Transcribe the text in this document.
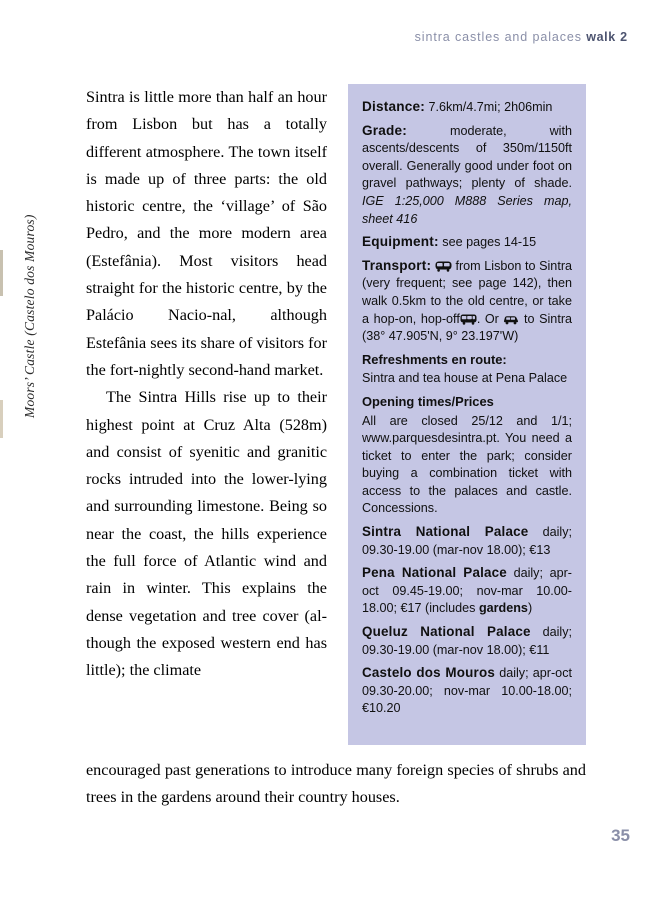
sintra castles and palaces walk 2
Moors’ Castle (Castelo dos Mouros)

Sintra is little more than half an hour from Lisbon but has a totally different atmosphere. The town itself is made up of three parts: the old historic centre, the ‘village’ of São Pedro, and the more modern area (Estefânia). Most visitors head straight for the historic centre, by the Palácio Nacio-nal, although Estefânia sees its share of visitors for the fort-nightly second-hand market.

The Sintra Hills rise up to their highest point at Cruz Alta (528m) and consist of syenitic and granitic rocks intruded into the lower-lying and surrounding limestone. Being so near the coast, the hills experience the full force of Atlantic wind and rain in winter. This explains the dense vegetation and tree cover (al-though the exposed western end has little); the climate

encouraged past generations to introduce many foreign species of shrubs and trees in the gardens around their country houses.

Distance: 7.6km/4.7mi; 2h06min

Grade:	moderate, with ascents/descents of 350m/1150ft overall. Generally good under foot on gravel pathways; plenty of shade. IGE 1:25,000 M888 Series map, sheet 416

Equipment: see pages 14-15

Transport: from Lisbon to Sintra (very frequent; see page 142), then walk 0.5km to the old centre, or take a hop-on, hop-off . Or to Sintra (38° 47.905'N, 9° 23.197'W)

Refreshments en route:

Sintra and tea house at Pena Palace

Opening times/Prices

All are closed 25/12 and 1/1; www.parquesdesintra.pt. You need a ticket to enter the park; consider buying a combination ticket with access to the palaces and castle. Concessions.

Sintra National Palace daily; 09.30-19.00 (mar-nov 18.00); €13

Pena National Palace daily; apr-oct 09.45-19.00; nov-mar 10.00-18.00; €17 (includes gardens)

Queluz National Palace daily; 09.30-19.00 (mar-nov 18.00); €11

Castelo dos Mouros daily; apr-oct 09.30-20.00; nov-mar 10.00-18.00; €10.20

35
